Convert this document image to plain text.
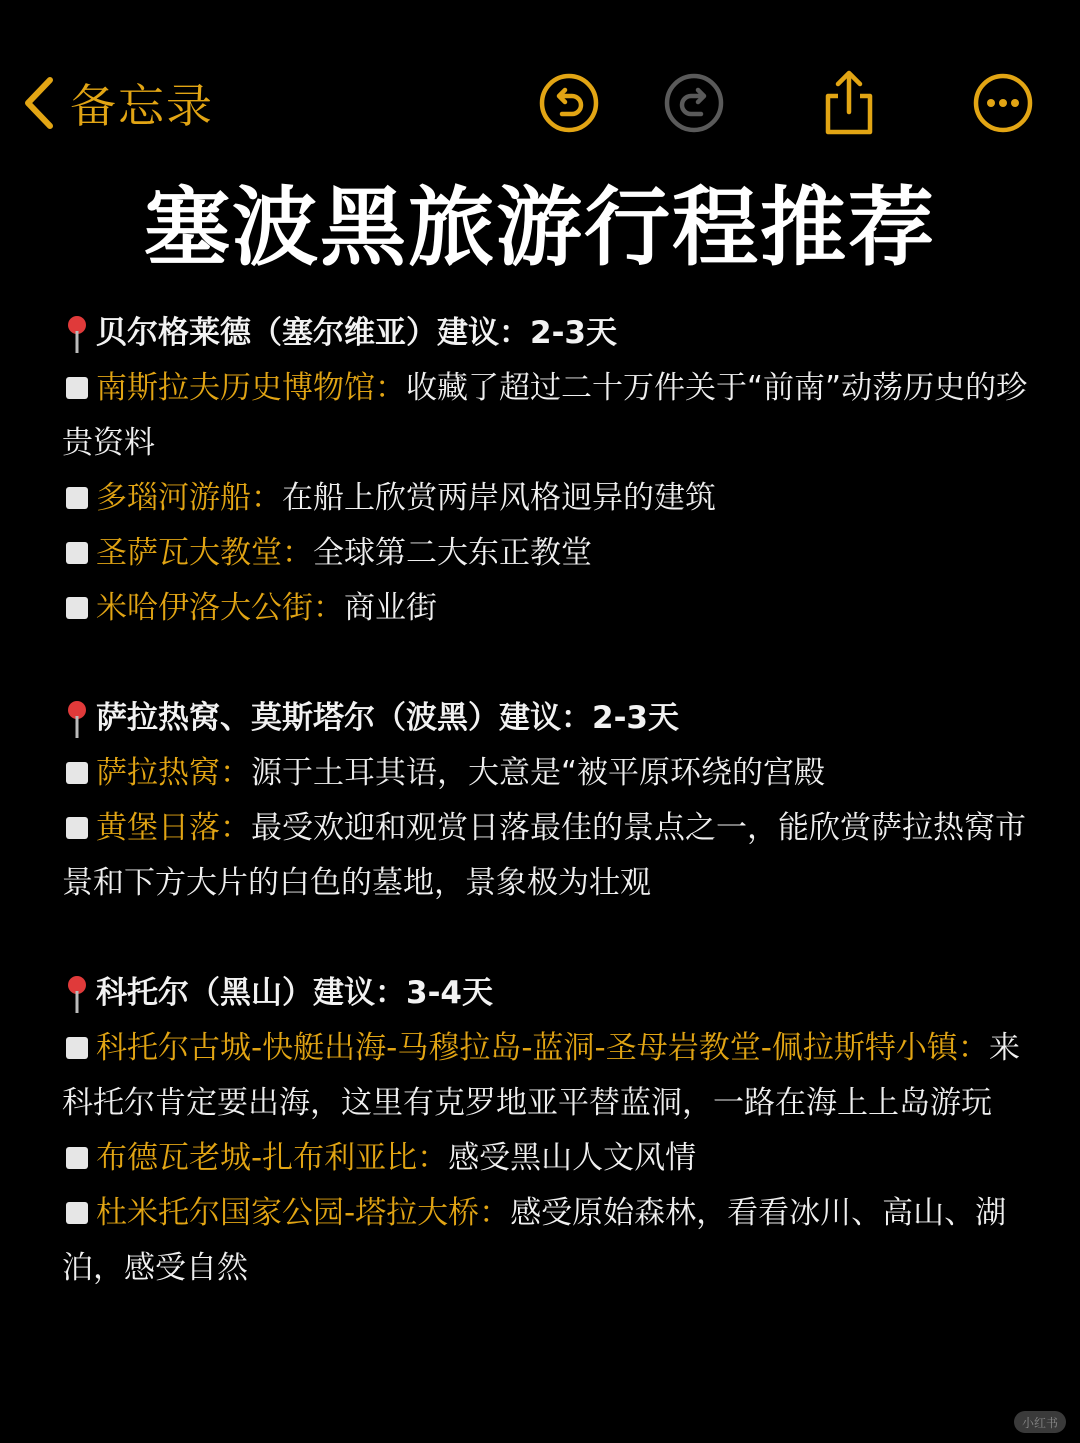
备忘录
塞波黑旅游行程推荐
贝尔格莱德（塞尔维亚）建议：2-3天
南斯拉夫历史博物馆：收藏了超过二十万件关于“前南”动荡历史的珍贵资料
多瑙河游船：在船上欣赏两岸风格迥异的建筑
圣萨瓦大教堂：全球第二大东正教堂
米哈伊洛大公街：商业街
萨拉热窝、莫斯塔尔（波黑）建议：2-3天
萨拉热窝：源于土耳其语，大意是“被平原环绕的宫殿
黄堡日落：最受欢迎和观赏日落最佳的景点之一，能欣赏萨拉热窝市景和下方大片的白色的墓地，景象极为壮观
科托尔（黑山）建议：3-4天
科托尔古城-快艇出海-马穆拉岛-蓝洞-圣母岩教堂-佩拉斯特小镇：来科托尔肯定要出海，这里有克罗地亚平替蓝洞，一路在海上上岛游玩
布德瓦老城-扎布利亚比：感受黑山人文风情
杜米托尔国家公园-塔拉大桥：感受原始森林，看看冰川、高山、湖泊，感受自然
小红书
